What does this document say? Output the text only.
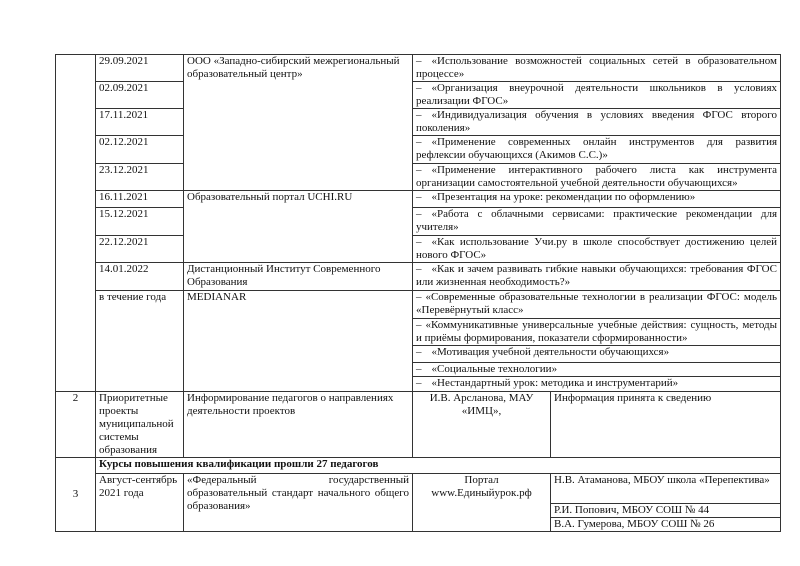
	29.09.2021	ООО «Западно-сибирский межрегиональный образовательный центр»	– «Использование возможностей социальных сетей в образовательном процессе»	
	02.09.2021		– «Организация внеурочной деятельности школьников в условиях реализации ФГОС»	
	17.11.2021		– «Индивидуализация обучения в условиях введения ФГОС второго поколения»	
	02.12.2021		– «Применение современных онлайн инструментов для развития рефлексии обучающихся (Акимов С.С.)»	
	23.12.2021		– «Применение интерактивного рабочего листа как инструмента организации самостоятельной учебной деятельности обучающихся»	
	16.11.2021	Образовательный портал UCHI.RU	– «Презентация на уроке: рекомендации по оформлению»	
	15.12.2021		– «Работа с облачными сервисами: практические рекомендации для учителя»	
	22.12.2021		– «Как использование Учи.ру в школе способствует достижению целей нового ФГОС»	
	14.01.2022	Дистанционный Институт Современного Образования	– «Как и зачем развивать гибкие навыки обучающихся: требования ФГОС или жизненная необходимость?»	
	в течение года	MEDIANAR	– «Современные образовательные технологии в реализации ФГОС: модель «Перевёрнутый класс»	
			– «Коммуникативные универсальные учебные действия: сущность, методы и приёмы формирования, показатели сформированности»	
			– «Мотивация учебной деятельности обучающихся»	
			– «Социальные технологии»	
			– «Нестандартный урок: методика и инструментарий»	
2	Приоритетные проекты муниципальной системы образования	Информирование педагогов о направлениях деятельности проектов	И.В. Арсланова, МАУ «ИМЦ»,	Информация принята к сведению
3	Курсы повышения квалификации прошли 27 педагогов			
	Август-сентябрь 2021 года	«Федеральный государственный образовательный стандарт начального общего образования»	Портал www.Единыйурок.рф	Н.В. Атаманова, МБОУ школа «Перепектива»
				Р.И. Попович, МБОУ СОШ № 44
				В.А. Гумерова, МБОУ СОШ № 26
